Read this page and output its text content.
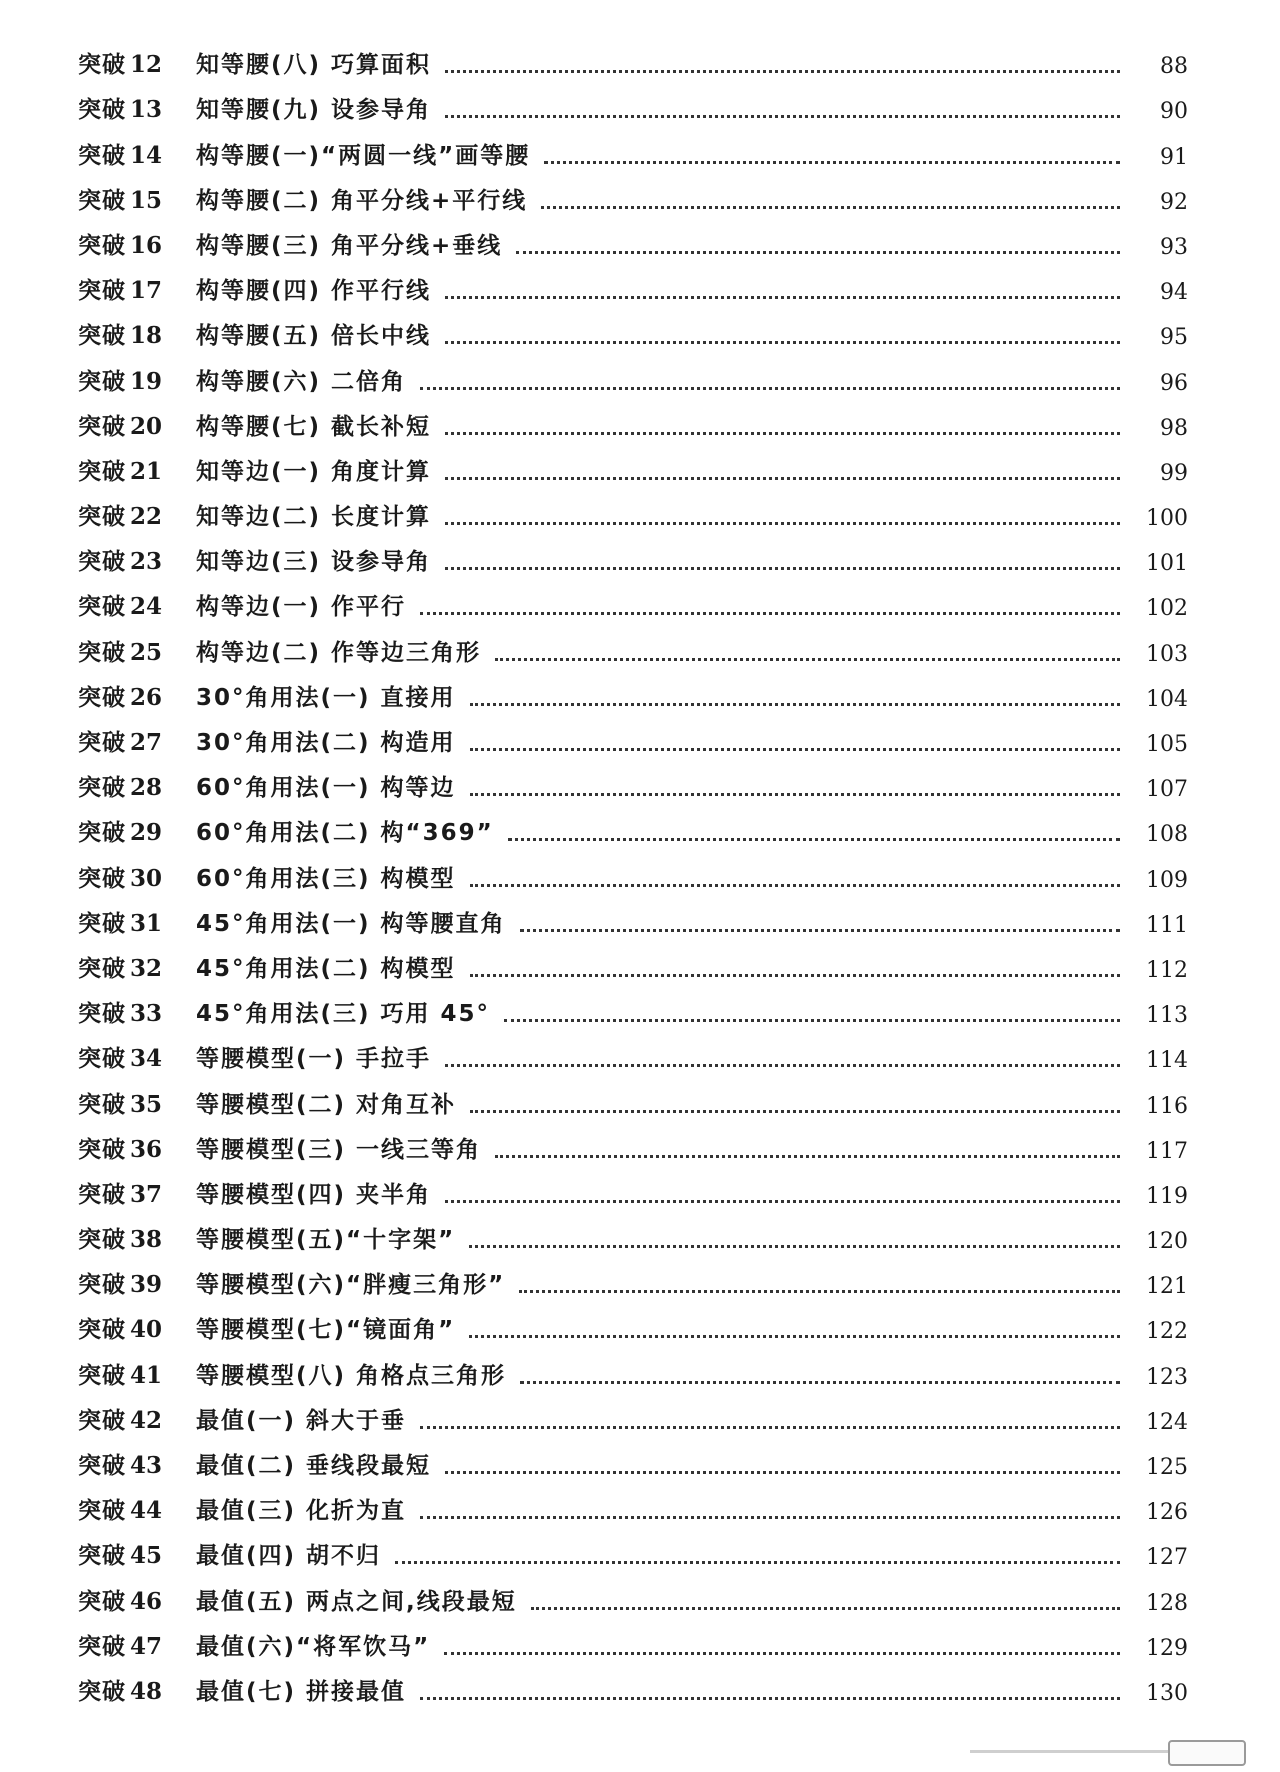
突破 12 知等腰(八) 巧算面积	88
突破 13 知等腰(九) 设参导角	90
突破 14 构等腰(一)“两圆一线”画等腰	91
突破 15 构等腰(二) 角平分线+平行线	92
突破 16 构等腰(三) 角平分线+垂线	93
突破 17 构等腰(四) 作平行线	94
突破 18 构等腰(五) 倍长中线	95
突破 19 构等腰(六) 二倍角	96
突破 20 构等腰(七) 截长补短	98
突破 21 知等边(一) 角度计算	99
突破 22 知等边(二) 长度计算	100
突破 23 知等边(三) 设参导角	101
突破 24 构等边(一) 作平行	102
突破 25 构等边(二) 作等边三角形	103
突破 26 30°角用法(一) 直接用	104
突破 27 30°角用法(二) 构造用	105
突破 28 60°角用法(一) 构等边	107
突破 29 60°角用法(二) 构“369”	108
突破 30 60°角用法(三) 构模型	109
突破 31 45°角用法(一) 构等腰直角	111
突破 32 45°角用法(二) 构模型	112
突破 33 45°角用法(三) 巧用 45°	113
突破 34 等腰模型(一) 手拉手	114
突破 35 等腰模型(二) 对角互补	116
突破 36 等腰模型(三) 一线三等角	117
突破 37 等腰模型(四) 夹半角	119
突破 38 等腰模型(五)“十字架”	120
突破 39 等腰模型(六)“胖瘦三角形”	121
突破 40 等腰模型(七)“镜面角”	122
突破 41 等腰模型(八) 角格点三角形	123
突破 42 最值(一) 斜大于垂	124
突破 43 最值(二) 垂线段最短	125
突破 44 最值(三) 化折为直	126
突破 45 最值(四) 胡不归	127
突破 46 最值(五) 两点之间,线段最短	128
突破 47 最值(六)“将军饮马”	129
突破 48 最值(七) 拼接最值	130
